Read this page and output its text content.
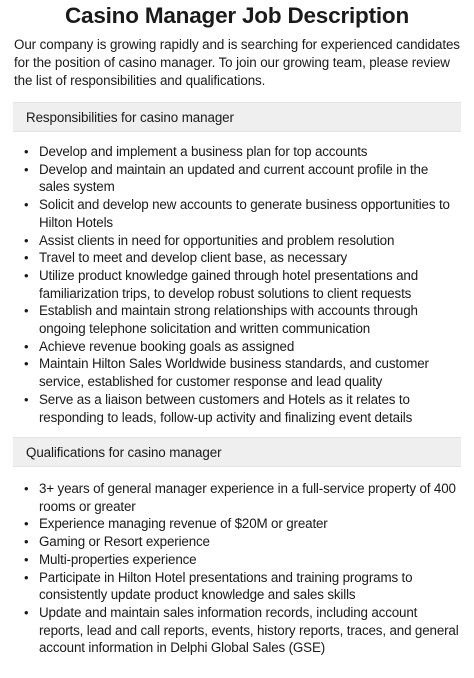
Casino Manager Job Description

Our company is growing rapidly and is searching for experienced candidates for the position of casino manager. To join our growing team, please review the list of responsibilities and qualifications.

Responsibilities for casino manager
• Develop and implement a business plan for top accounts
• Develop and maintain an updated and current account profile in the sales system
• Solicit and develop new accounts to generate business opportunities to Hilton Hotels
• Assist clients in need for opportunities and problem resolution
• Travel to meet and develop client base, as necessary
• Utilize product knowledge gained through hotel presentations and familiarization trips, to develop robust solutions to client requests
• Establish and maintain strong relationships with accounts through ongoing telephone solicitation and written communication
• Achieve revenue booking goals as assigned
• Maintain Hilton Sales Worldwide business standards, and customer service, established for customer response and lead quality
• Serve as a liaison between customers and Hotels as it relates to responding to leads, follow-up activity and finalizing event details
Qualifications for casino manager
• 3+ years of general manager experience in a full-service property of 400 rooms or greater
• Experience managing revenue of $20M or greater
• Gaming or Resort experience
• Multi-properties experience
• Participate in Hilton Hotel presentations and training programs to consistently update product knowledge and sales skills
• Update and maintain sales information records, including account reports, lead and call reports, events, history reports, traces, and general account information in Delphi Global Sales (GSE)
